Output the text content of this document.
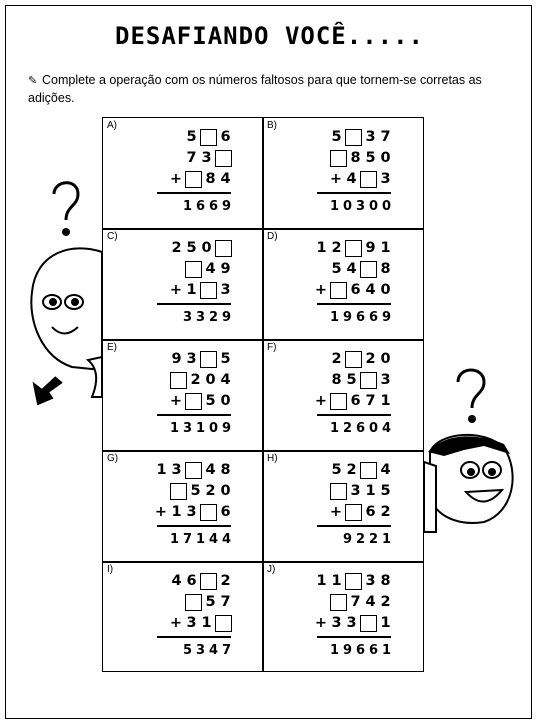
DESAFIANDO VOCÊ.....
✎ Complete a operação com os números faltosos para que tornem-se corretas as adições.
A)
5 6
7 3
+ 8 4
1 6 6 9
B)
5 3 7
8 5 0
+ 4 3
1 0 3 0 0
C)
2 5 0
4 9
+ 1 3
3 3 2 9
D)
1 2 9 1
5 4 8
+ 6 4 0
1 9 6 6 9
E)
9 3 5
2 0 4
+ 5 0
1 3 1 0 9
F)
2 2 0
8 5 3
+ 6 7 1
1 2 6 0 4
G)
1 3 4 8
5 2 0
+ 1 3 6
1 7 1 4 4
H)
5 2 4
3 1 5
+ 6 2
9 2 2 1
I)
4 6 2
5 7
+ 3 1
5 3 4 7
J)
1 1 3 8
7 4 2
+ 3 3 1
1 9 6 6 1
